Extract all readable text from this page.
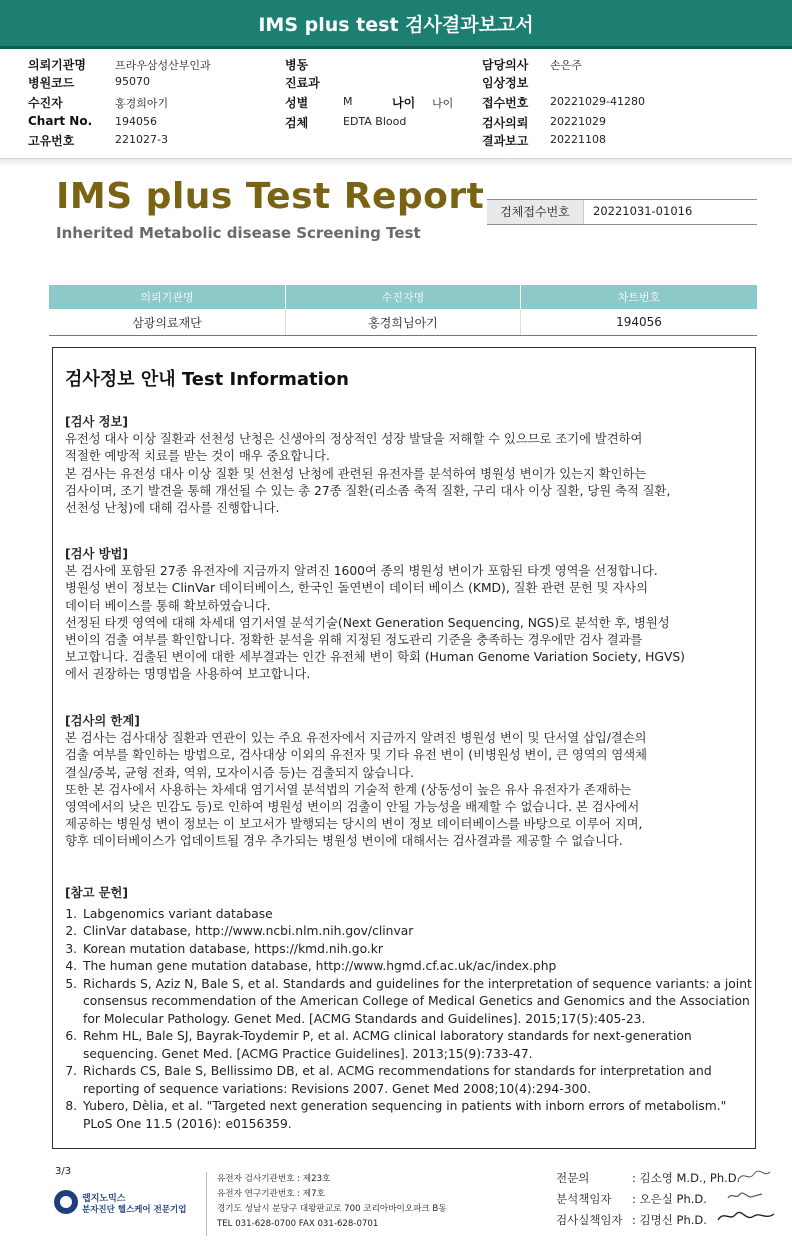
IMS plus test 검사결과보고서
의뢰기관명	프라우삼성산부인과
병원코드	95070
수진자	홍경희아기
Chart No. 194056
고유번호	221027-3
병동
진료과
성별	M
검체	EDTA Blood
담당의사 손은주
임상정보
접수번호 20221029-41280
검사의뢰 20221029
결과보고 20221108
나이 나이
IMS plus Test Report
Inherited Metabolic disease Screening Test
검체접수번호	20221031-01016
의뢰기관명	수진자명	차트번호
삼광의료재단	홍경희님아기	194056
검사정보 안내 Test Information
[검사 정보]

유전성 대사 이상 질환과 선천성 난청은 신생아의 정상적인 성장 발달을 저해할 수 있으므로 조기에 발견하여

적절한 예방적 치료를 받는 것이 매우 중요합니다.

본 검사는 유전성 대사 이상 질환 및 선천성 난청에 관련된 유전자를 분석하여 병원성 변이가 있는지 확인하는

검사이며, 조기 발견을 통해 개선될 수 있는 총 27종 질환(리소좀 축적 질환, 구리 대사 이상 질환, 당원 축적 질환,

선천성 난청)에 대해 검사를 진행합니다.

[검사 방법]

본 검사에 포함된 27종 유전자에 지금까지 알려진 1600여 종의 병원성 변이가 포함된 타겟 영역을 선정합니다.

병원성 변이 정보는 ClinVar 데이터베이스, 한국인 돌연변이 데이터 베이스 (KMD), 질환 관련 문헌 및 자사의

데이터 베이스를 통해 확보하였습니다.

선정된 타겟 영역에 대해 차세대 염기서열 분석기술(Next Generation Sequencing, NGS)로 분석한 후, 병원성

변이의 검출 여부를 확인합니다. 정확한 분석을 위해 지정된 정도관리 기준을 충족하는 경우에만 검사 결과를

보고합니다. 검출된 변이에 대한 세부결과는 인간 유전체 변이 학회 (Human Genome Variation Society, HGVS)

에서 권장하는 명명법을 사용하여 보고합니다.

[검사의 한계]

본 검사는 검사대상 질환과 연관이 있는 주요 유전자에서 지금까지 알려진 병원성 변이 및 단서열 삽입/결손의

검출 여부를 확인하는 방법으로, 검사대상 이외의 유전자 및 기타 유전 변이 (비병원성 변이, 큰 영역의 염색체

결실/중복, 균형 전좌, 역위, 모자이시즘 등)는 검출되지 않습니다.

또한 본 검사에서 사용하는 차세대 염기서열 분석법의 기술적 한계 (상동성이 높은 유사 유전자가 존재하는

영역에서의 낮은 민감도 등)로 인하여 병원성 변이의 검출이 안될 가능성을 배제할 수 없습니다. 본 검사에서

제공하는 병원성 변이 정보는 이 보고서가 발행되는 당시의 변이 정보 데이터베이스를 바탕으로 이루어 지며,

향후 데이터베이스가 업데이트될 경우 추가되는 병원성 변이에 대해서는 검사결과를 제공할 수 없습니다.

[참고 문헌]
1. Labgenomics variant database
2. ClinVar database, http://www.ncbi.nlm.nih.gov/clinvar
3. Korean mutation database, https://kmd.nih.go.kr
4. The human gene mutation database, http://www.hgmd.cf.ac.uk/ac/index.php
5. Richards S, Aziz N, Bale S, et al. Standards and guidelines for the interpretation of sequence variants: a joint consensus recommendation of the American College of Medical Genetics and Genomics and the Association for Molecular Pathology. Genet Med. [ACMG Standards and Guidelines]. 2015;17(5):405-23.
6. Rehm HL, Bale SJ, Bayrak-Toydemir P, et al. ACMG clinical laboratory standards for next-generation sequencing. Genet Med. [ACMG Practice Guidelines]. 2013;15(9):733-47.
7. Richards CS, Bale S, Bellissimo DB, et al. ACMG recommendations for standards for interpretation and reporting of sequence variations: Revisions 2007. Genet Med 2008;10(4):294-300.
8. Yubero, Dèlia, et al. "Targeted next generation sequencing in patients with inborn errors of metabolism." PLoS One 11.5 (2016): e0156359.
3/3
랩지노믹스
분자진단 헬스케어 전문기업
유전자 검사기관번호 : 제23호
유전자 연구기관번호 : 제7호
경기도 성남시 분당구 대왕판교로 700 코리아바이오파크 B동
TEL 031-628-0700 FAX 031-628-0701
전문의	: 김소영 M.D., Ph.D.
분석책임자 : 오은실 Ph.D.
검사실책임자 : 김명신 Ph.D.
